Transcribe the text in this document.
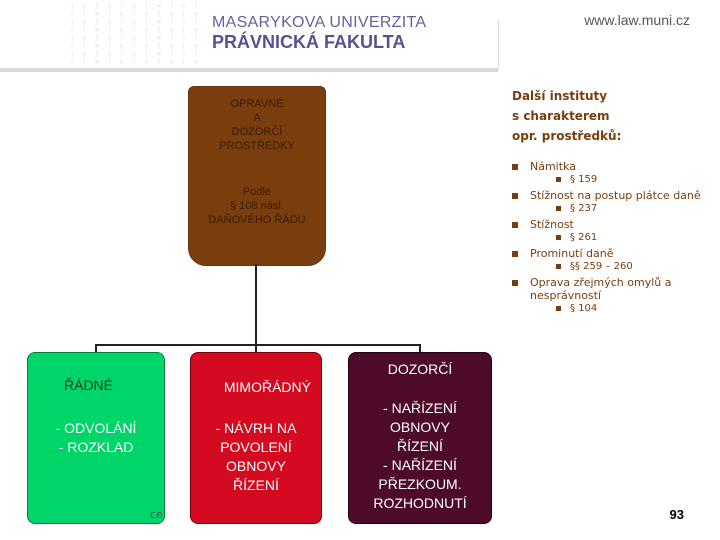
ᛁ ⨉ ᛁ ⨉ ᛁ ⨉ ᛁ ⨉ ᛁ
⨉ ᛁ ⨉ ᛁ ⨉ ᛁ ⨉ ᛁ ⨉
ᛁ ⨉ ᛁ ⨉ ᛁ ⨉ ᛁ ⨉ ᛁ
⨉ ᛁ ⨉ ᛁ ⨉ ᛁ ⨉ ᛁ ⨉
ᛁ ⨉ ᛁ ⨉ ᛁ ⨉ ᛁ ⨉ ᛁ
⨉ ᛁ ⨉ ᛁ ⨉ ᛁ ⨉ ᛁ ⨉
ᛁ ⨉ ᛁ ⨉ ᛁ ⨉ ᛁ ⨉ ᛁ
⨉ ᛁ ⨉ ᛁ ⨉ ᛁ ⨉ ᛁ ⨉
MASARYKOVA UNIVERZITA
PRÁVNICKÁ FAKULTA
www.law.muni.cz
OPRAVNÉ
A
DOZORČÍ
PROSTŘEDKY
Podle
§ 108 násl.
DAŇOVÉHO ŘÁDU
ŘÁDNÉ
- ODVOLÁNÍ
- ROZKLAD
MIMOŘÁDNÝ
- NÁVRH NA
POVOLENÍ
OBNOVY
ŘÍZENÍ
DOZORČÍ
- NAŘÍZENÍ
OBNOVY
ŘÍZENÍ
- NAŘÍZENÍ
PŘEZKOUM.
ROZHODNUTÍ
Další instituty
s charakterem
opr. prostředků:
Námitka
§ 159
Stížnost na postup plátce daně
§ 237
Stížnost
§ 261
Prominutí daně
§§ 259 – 260
Oprava zřejmých omylů a nesprávností
§ 104
ce	93
